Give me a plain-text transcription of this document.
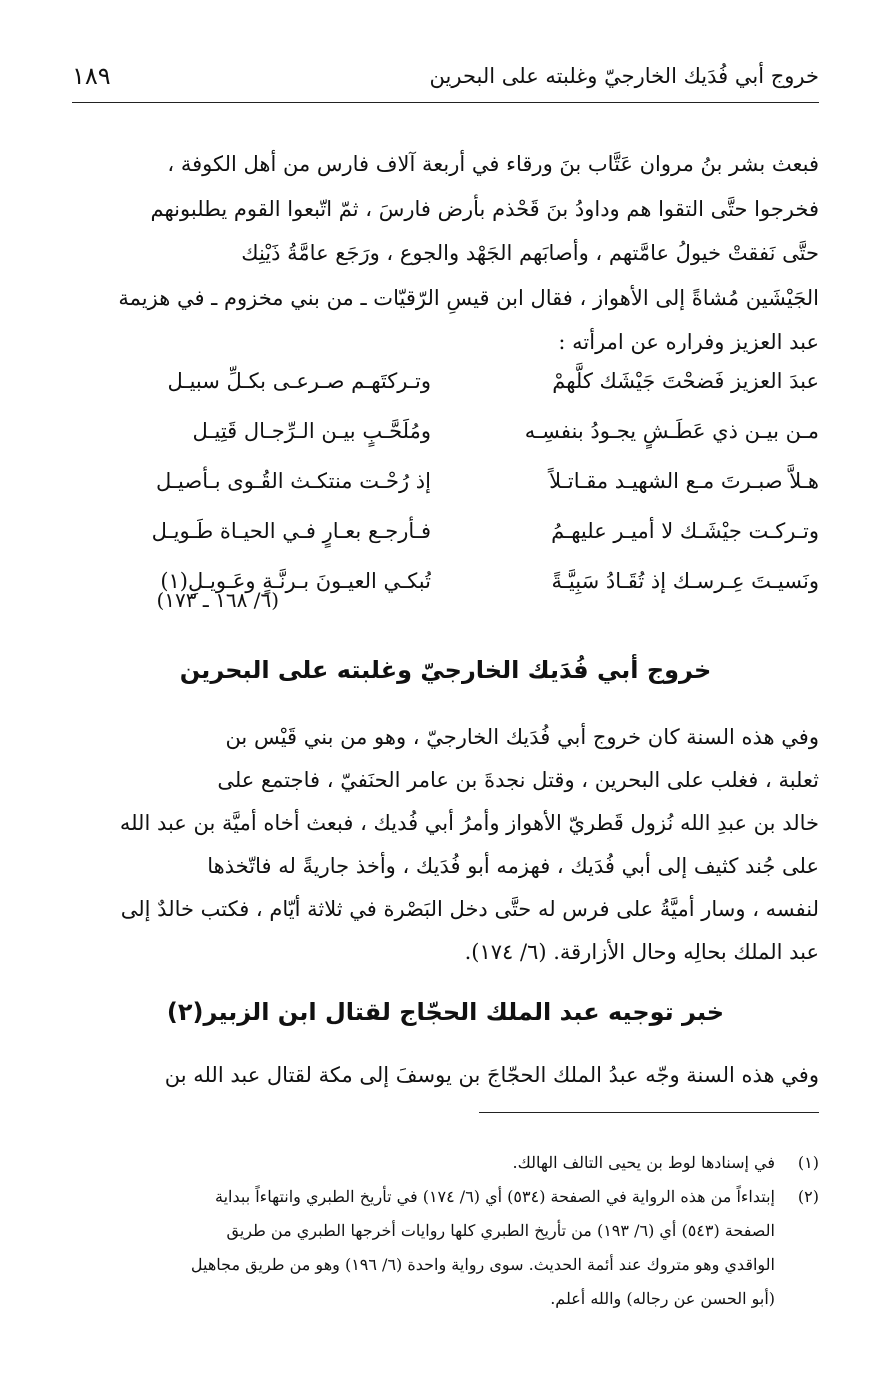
خروج أبي فُدَيك الخارجيّ وغلبته على البحرين
١٨٩
فبعث بشر بنُ مروان عَتَّاب بنَ ورقاء في أربعة آلاف فارس من أهل الكوفة ،
فخرجوا حتَّى التقوا هم وداودُ بنَ قَحْذم بأرض فارسَ ، ثمّ اتّبعوا القوم يطلبونهم
حتَّى نَفقتْ خيولُ عامَّتهم ، وأصابَهم الجَهْد والجوع ، ورَجَع عامَّةُ ذَيْنِك
الجَيْشَين مُشاةً إلى الأهواز ، فقال ابن قيسِ الرّقيّات ـ من بني مخزوم ـ في هزيمة
عبد العزيز وفراره عن امرأته :
عبدَ العزيز فَضحْتَ جَيْشَك كلَّهمْ
وتـركتَهـم صـرعـى بكـلِّ سبيـل
مـن بيـن ذي عَطَـشٍ يجـودُ بنفسِـه
ومُلَحَّـبٍ بيـن الـرِّجـال قَتِيـل
هـلاَّ صبـرتَ مـع الشهيـد مقـاتـلاً
إذ رُحْـت منتكـث القُـوى بـأصيـل
وتـركـت جيْشَـك لا أميـر عليهـمُ
فـأرجـع بعـارٍ فـي الحيـاة طَـويـل
ونَسيـتَ عِـرسـك إذ تُقَـادُ سَبِيَّـةً
تُبكـي العيـونَ بـرنَّـةٍ وعَـويـلِ(١)
(٦/ ١٦٨ ـ ١٧٣)
خروج أبي فُدَيك الخارجيّ وغلبته على البحرين
وفي هذه السنة كان خروج أبي فُدَيك الخارجيّ ، وهو من بني قَيْس بن
ثعلبة ، فغلب على البحرين ، وقتل نجدةَ بن عامر الحنَفيّ ، فاجتمع على
خالد بن عبدِ الله نُزول قَطريّ الأهواز وأمرُ أبي فُديك ، فبعث أخاه أميَّة بن عبد الله
على جُند كثيف إلى أبي فُدَيك ، فهزمه أبو فُدَيك ، وأخذ جاريةً له فاتّخذها
لنفسه ، وسار أميَّةُ على فرس له حتَّى دخل البَصْرة في ثلاثة أيّام ، فكتب خالدٌ إلى
عبد الملك بحالِه وحال الأزارقة. (٦/ ١٧٤).
خبر توجيه عبد الملك الحجّاج لقتال ابن الزبير(٢)
وفي هذه السنة وجّه عبدُ الملك الحجّاجَ بن يوسفَ إلى مكة لقتال عبد الله بن
(١)
في إسنادها لوط بن يحيى التالف الهالك.
(٢)
إبتداءاً من هذه الرواية في الصفحة (٥٣٤) أي (٦/ ١٧٤) في تأريخ الطبري وانتهاءاً ببداية
الصفحة (٥٤٣) أي (٦/ ١٩٣) من تأريخ الطبري كلها روايات أخرجها الطبري من طريق
الواقدي وهو متروك عند أئمة الحديث. سوى رواية واحدة (٦/ ١٩٦) وهو من طريق مجاهيل
(أبو الحسن عن رجاله) والله أعلم.
